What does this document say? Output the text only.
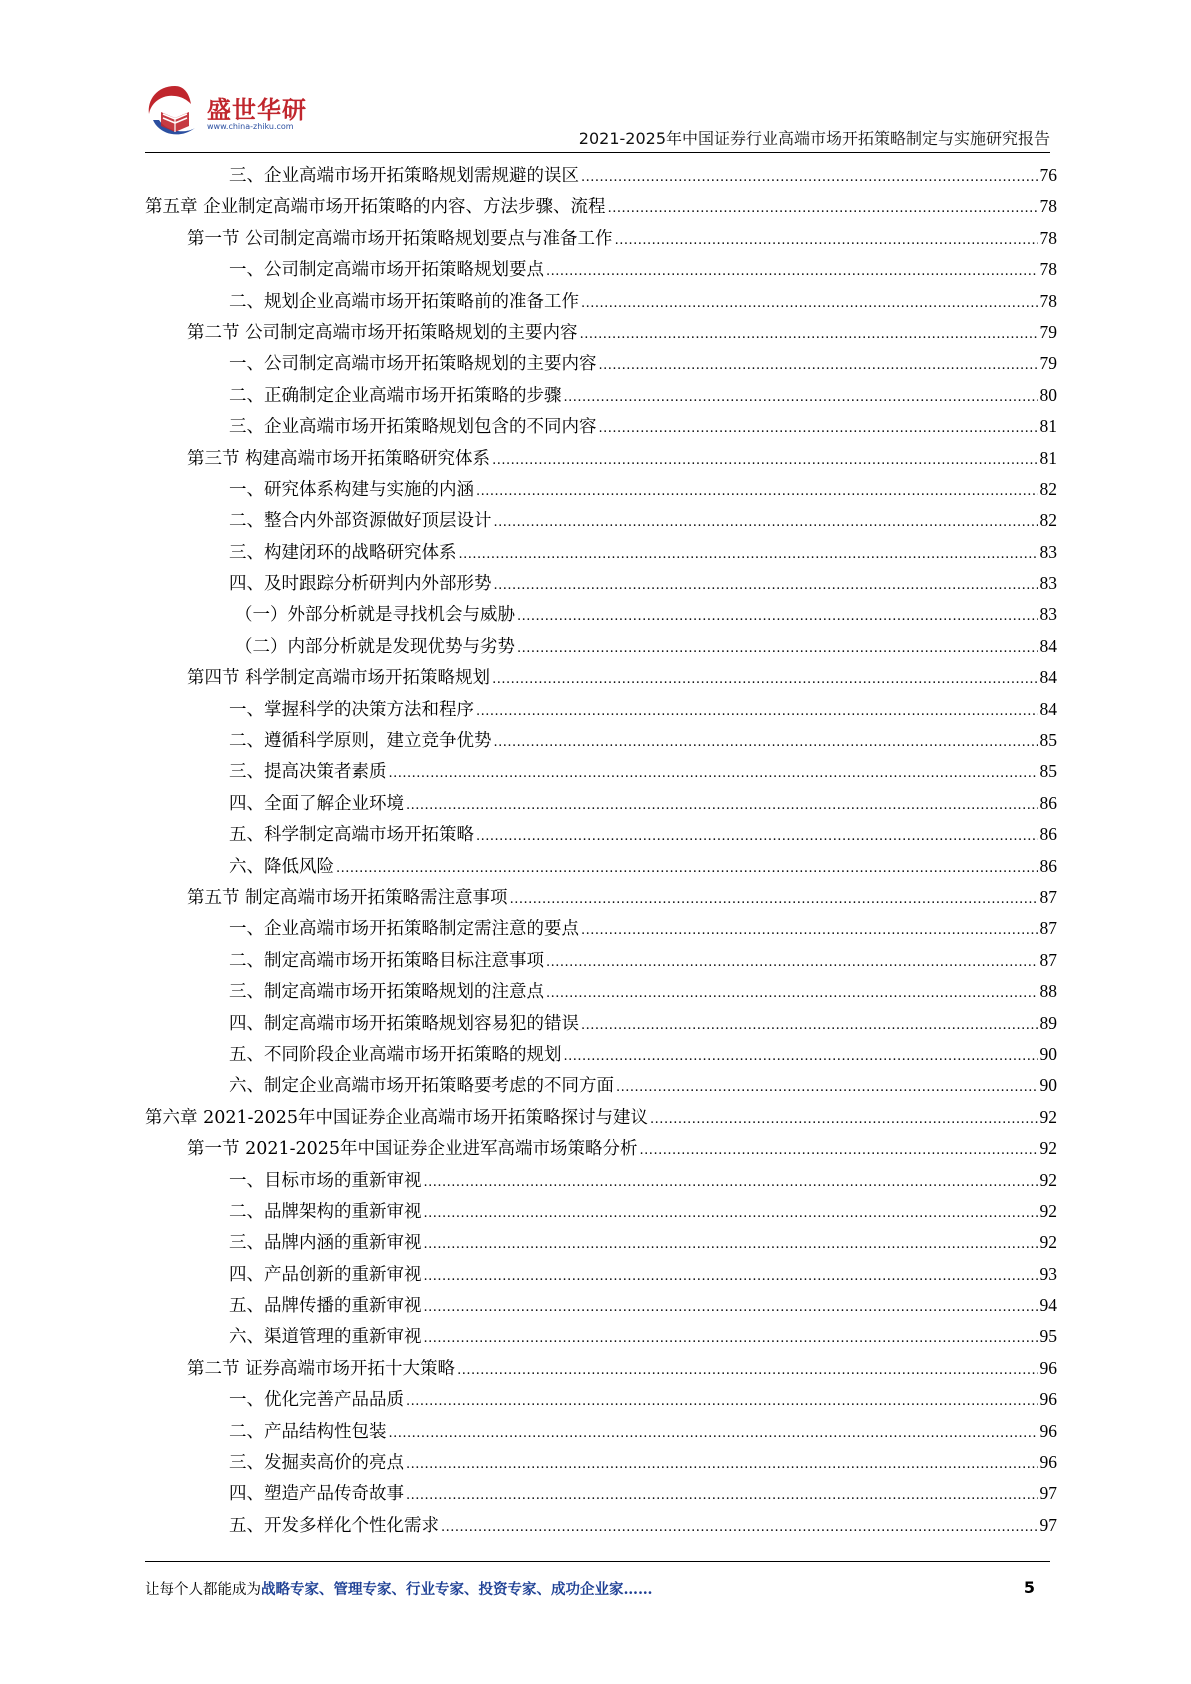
盛世华研
www.china-zhiku.com
2021-2025年中国证券行业高端市场开拓策略制定与实施研究报告
三、企业高端市场开拓策略规划需规避的误区 .....	76
第五章 企业制定高端市场开拓策略的内容、方法步骤、流程 .....	78
第一节 公司制定高端市场开拓策略规划要点与准备工作 .....	78
一、公司制定高端市场开拓策略规划要点 .....	78
二、规划企业高端市场开拓策略前的准备工作 .....	78
第二节 公司制定高端市场开拓策略规划的主要内容 .....	79
一、公司制定高端市场开拓策略规划的主要内容 .....	79
二、正确制定企业高端市场开拓策略的步骤 .....	80
三、企业高端市场开拓策略规划包含的不同内容 .....	81
第三节 构建高端市场开拓策略研究体系 .....	81
一、研究体系构建与实施的内涵 .....	82
二、整合内外部资源做好顶层设计 .....	82
三、构建闭环的战略研究体系 .....	83
四、及时跟踪分析研判内外部形势 .....	83
（一）外部分析就是寻找机会与威胁 .....	83
（二）内部分析就是发现优势与劣势 .....	84
第四节 科学制定高端市场开拓策略规划 .....	84
一、掌握科学的决策方法和程序 .....	84
二、遵循科学原则，建立竞争优势 .....	85
三、提高决策者素质 .....	85
四、全面了解企业环境 .....	86
五、科学制定高端市场开拓策略 .....	86
六、降低风险 .....	86
第五节 制定高端市场开拓策略需注意事项 .....	87
一、企业高端市场开拓策略制定需注意的要点 .....	87
二、制定高端市场开拓策略目标注意事项 .....	87
三、制定高端市场开拓策略规划的注意点 .....	88
四、制定高端市场开拓策略规划容易犯的错误 .....	89
五、不同阶段企业高端市场开拓策略的规划 .....	90
六、制定企业高端市场开拓策略要考虑的不同方面 .....	90
第六章 2021-2025年中国证券企业高端市场开拓策略探讨与建议 .....	92
第一节 2021-2025年中国证券企业进军高端市场策略分析 .....	92
一、目标市场的重新审视 .....	92
二、品牌架构的重新审视 .....	92
三、品牌内涵的重新审视 .....	92
四、产品创新的重新审视 .....	93
五、品牌传播的重新审视 .....	94
六、渠道管理的重新审视 .....	95
第二节 证券高端市场开拓十大策略 .....	96
一、优化完善产品品质 .....	96
二、产品结构性包装 .....	96
三、发掘卖高价的亮点 .....	96
四、塑造产品传奇故事 .....	97
五、开发多样化个性化需求 .....	97
让每个人都能成为战略专家、管理专家、行业专家、投资专家、成功企业家……	5
